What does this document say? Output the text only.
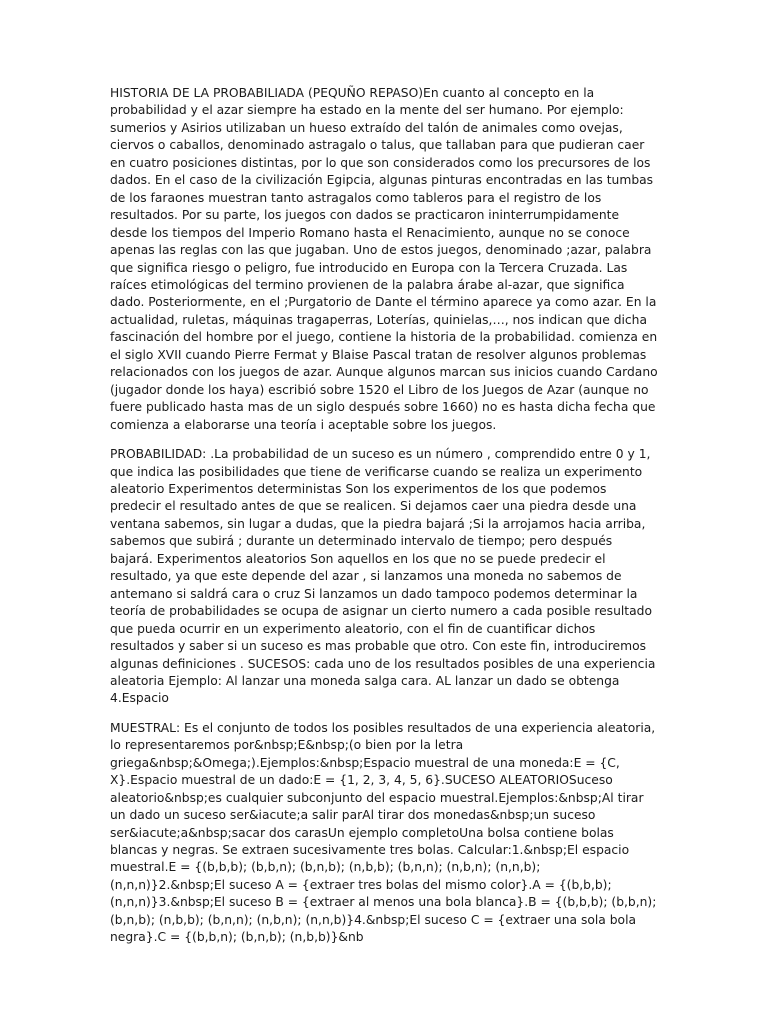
HISTORIA DE LA PROBABILIADA (PEQUÑO REPASO)En cuanto al concepto en la probabilidad y el azar siempre ha estado en la mente del ser humano. Por ejemplo: sumerios y Asirios utilizaban un hueso extraído del talón de animales como ovejas, ciervos o caballos, denominado astragalo o talus, que tallaban para que pudieran caer en cuatro posiciones distintas, por lo que son considerados como los precursores de los dados. En el caso de la civilización Egipcia, algunas pinturas encontradas en las tumbas de los faraones muestran tanto astragalos como tableros para el registro de los resultados. Por su parte, los juegos con dados se practicaron ininterrumpidamente desde los tiempos del Imperio Romano hasta el Renacimiento, aunque no se conoce apenas las reglas con las que jugaban. Uno de estos juegos, denominado ;azar, palabra que significa riesgo o peligro, fue introducido en Europa con la Tercera Cruzada. Las raíces etimológicas del termino provienen de la palabra árabe al-azar, que significa dado. Posteriormente, en el ;Purgatorio de Dante el término aparece ya como azar. En la actualidad, ruletas, máquinas tragaperras, Loterías, quinielas,…, nos indican que dicha fascinación del hombre por el juego, contiene la historia de la probabilidad. comienza en el siglo XVII cuando Pierre Fermat y Blaise Pascal tratan de resolver algunos problemas relacionados con los juegos de azar. Aunque algunos marcan sus inicios cuando Cardano (jugador donde los haya) escribió sobre 1520 el Libro de los Juegos de Azar (aunque no fuere publicado hasta mas de un siglo después sobre 1660) no es hasta dicha fecha que comienza a elaborarse una teoría i aceptable sobre los juegos.

PROBABILIDAD: .La probabilidad de un suceso es un número , comprendido entre 0 y 1, que indica las posibilidades que tiene de verificarse cuando se realiza un experimento aleatorio Experimentos deterministas Son los experimentos de los que podemos predecir el resultado antes de que se realicen. Si dejamos caer una piedra desde una ventana sabemos, sin lugar a dudas, que la piedra bajará ;Si la arrojamos hacia arriba, sabemos que subirá ; durante un determinado intervalo de tiempo; pero después bajará. Experimentos aleatorios Son aquellos en los que no se puede predecir el resultado, ya que este depende del azar , si lanzamos una moneda no sabemos de antemano si saldrá cara o cruz Si lanzamos un dado tampoco podemos determinar la teoría de probabilidades se ocupa de asignar un cierto numero a cada posible resultado que pueda ocurrir en un experimento aleatorio, con el fin de cuantificar dichos resultados y saber si un suceso es mas probable que otro. Con este fin, introduciremos algunas definiciones . SUCESOS: cada uno de los resultados posibles de una experiencia aleatoria Ejemplo: Al lanzar una moneda salga cara. AL lanzar un dado se obtenga 4.Espacio

MUESTRAL: Es el conjunto de todos los posibles resultados de una experiencia aleatoria, lo representaremos por&nbsp;E&nbsp;(o bien por la letra griega&nbsp;&Omega;).Ejemplos:&nbsp;Espacio muestral de una moneda:E = {C, X}.Espacio muestral de un dado:E = {1, 2, 3, 4, 5, 6}.SUCESO ALEATORIOSuceso aleatorio&nbsp;es cualquier subconjunto del espacio muestral.Ejemplos:&nbsp;Al tirar un dado un suceso ser&iacute;a salir parAl tirar dos monedas&nbsp;un suceso ser&iacute;a&nbsp;sacar dos carasUn ejemplo completoUna bolsa contiene bolas blancas y negras. Se extraen sucesivamente tres bolas. Calcular:1.&nbsp;El espacio muestral.E = {(b,b,b); (b,b,n); (b,n,b); (n,b,b); (b,n,n); (n,b,n); (n,n,b); (n,n,n)}2.&nbsp;El suceso A = {extraer tres bolas del mismo color}.A = {(b,b,b); (n,n,n)}3.&nbsp;El suceso B = {extraer al menos una bola blanca}.B = {(b,b,b); (b,b,n); (b,n,b); (n,b,b); (b,n,n); (n,b,n); (n,n,b)}4.&nbsp;El suceso C = {extraer una sola bola negra}.C = {(b,b,n); (b,n,b); (n,b,b)}&nb
